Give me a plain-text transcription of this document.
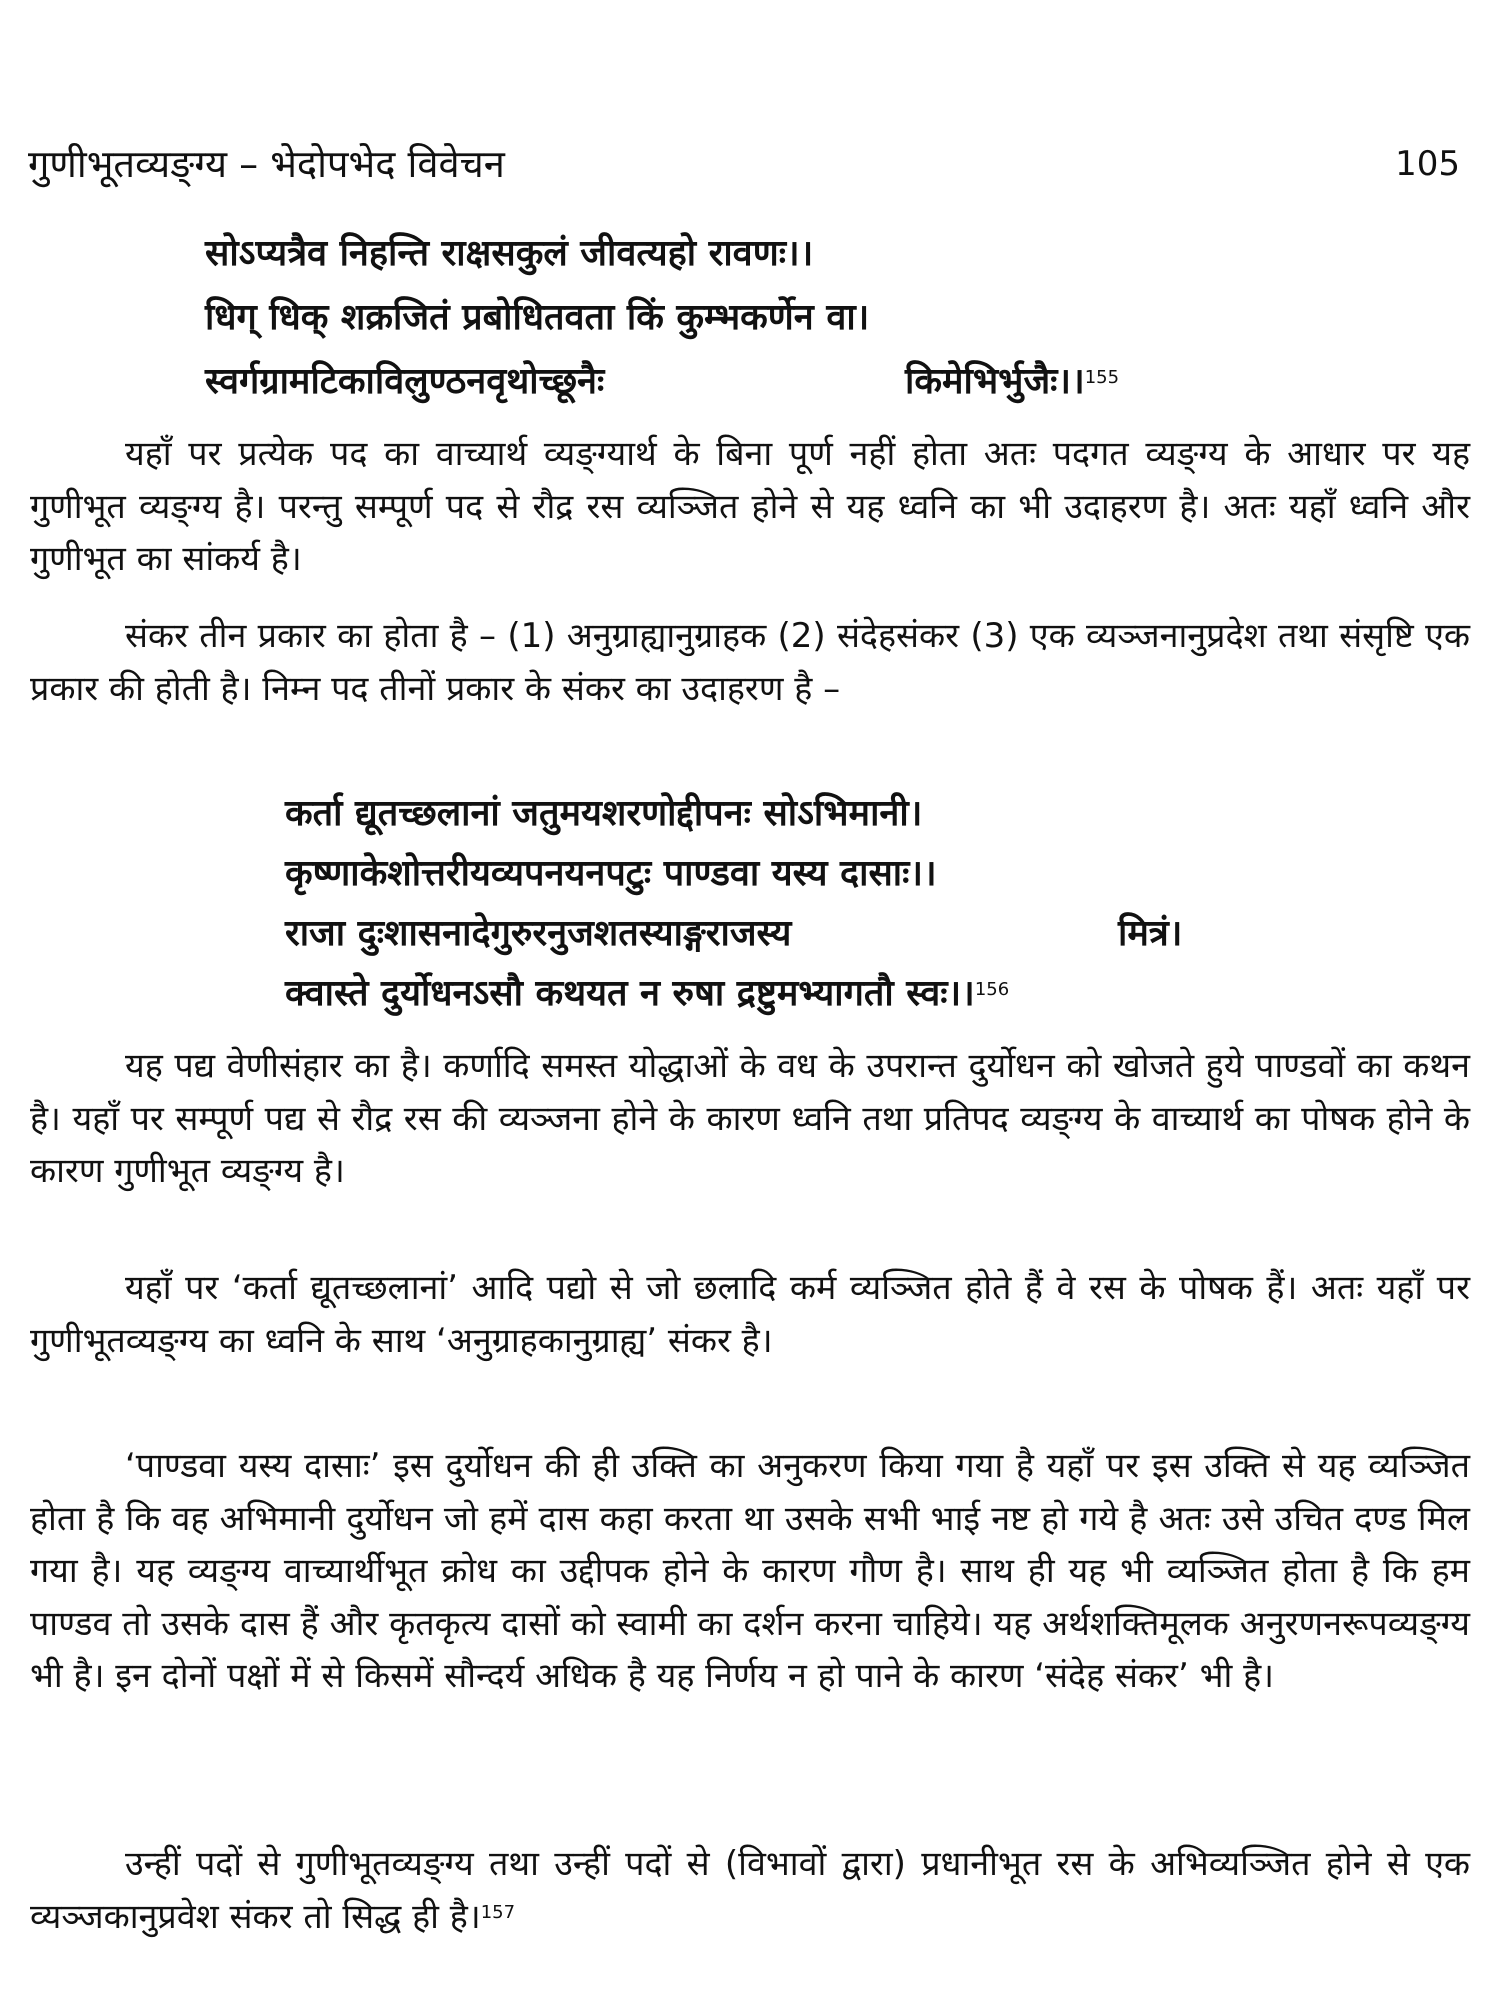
गुणीभूतव्यङ्ग्य – भेदोपभेद विवेचन	105
सोऽप्यत्रैव निहन्ति राक्षसकुलं जीवत्यहो रावणः।।
धिग् धिक् शक्रजितं प्रबोधितवता किं कुम्भकर्णेन वा।
स्वर्गग्रामटिकाविलुण्ठनवृथोच्छूनैः	किमेभिर्भुजैः।।$^{155}$
यहाँ पर प्रत्येक पद का वाच्यार्थ व्यङ्ग्यार्थ के बिना पूर्ण नहीं होता अतः पदगत व्यङ्ग्य के आधार पर यह गुणीभूत व्यङ्ग्य है। परन्तु सम्पूर्ण पद से रौद्र रस व्यञ्जित होने से यह ध्वनि का भी उदाहरण है। अतः यहाँ ध्वनि और गुणीभूत का सांकर्य है।
संकर तीन प्रकार का होता है – (1) अनुग्राह्यानुग्राहक (2) संदेहसंकर (3) एक व्यञ्जनानुप्रदेश तथा संसृष्टि एक प्रकार की होती है। निम्न पद तीनों प्रकार के संकर का उदाहरण है –
कर्ता द्यूतच्छलानां जतुमयशरणोद्दीपनः सोऽभिमानी।
कृष्णाकेशोत्तरीयव्यपनयनपटुः पाण्डवा यस्य दासाः।।
राजा दुःशासनादेगुरुरनुजशतस्याङ्गराजस्य	मित्रं।
क्वास्ते दुर्योधनऽसौ कथयत न रुषा द्रष्टुमभ्यागतौ स्वः।।$^{156}$
यह पद्य वेणीसंहार का है। कर्णादि समस्त योद्धाओं के वध के उपरान्त दुर्योधन को खोजते हुये पाण्डवों का कथन है। यहाँ पर सम्पूर्ण पद्य से रौद्र रस की व्यञ्जना होने के कारण ध्वनि तथा प्रतिपद व्यङ्ग्य के वाच्यार्थ का पोषक होने के कारण गुणीभूत व्यङ्ग्य है।
यहाँ पर ‘कर्ता द्यूतच्छलानां’ आदि पद्यो से जो छलादि कर्म व्यञ्जित होते हैं वे रस के पोषक हैं। अतः यहाँ पर गुणीभूतव्यङ्ग्य का ध्वनि के साथ ‘अनुग्राहकानुग्राह्य’ संकर है।
‘पाण्डवा यस्य दासाः’ इस दुर्योधन की ही उक्ति का अनुकरण किया गया है यहाँ पर इस उक्ति से यह व्यञ्जित होता है कि वह अभिमानी दुर्योधन जो हमें दास कहा करता था उसके सभी भाई नष्ट हो गये है अतः उसे उचित दण्ड मिल गया है। यह व्यङ्ग्य वाच्यार्थीभूत क्रोध का उद्दीपक होने के कारण गौण है। साथ ही यह भी व्यञ्जित होता है कि हम पाण्डव तो उसके दास हैं और कृतकृत्य दासों को स्वामी का दर्शन करना चाहिये। यह अर्थशक्तिमूलक अनुरणनरूपव्यङ्ग्य भी है। इन दोनों पक्षों में से किसमें सौन्दर्य अधिक है यह निर्णय न हो पाने के कारण ‘संदेह संकर’ भी है।
उन्हीं पदों से गुणीभूतव्यङ्ग्य तथा उन्हीं पदों से (विभावों द्वारा) प्रधानीभूत रस के अभिव्यञ्जित होने से एक व्यञ्जकानुप्रवेश संकर तो सिद्ध ही है।$^{157}$
